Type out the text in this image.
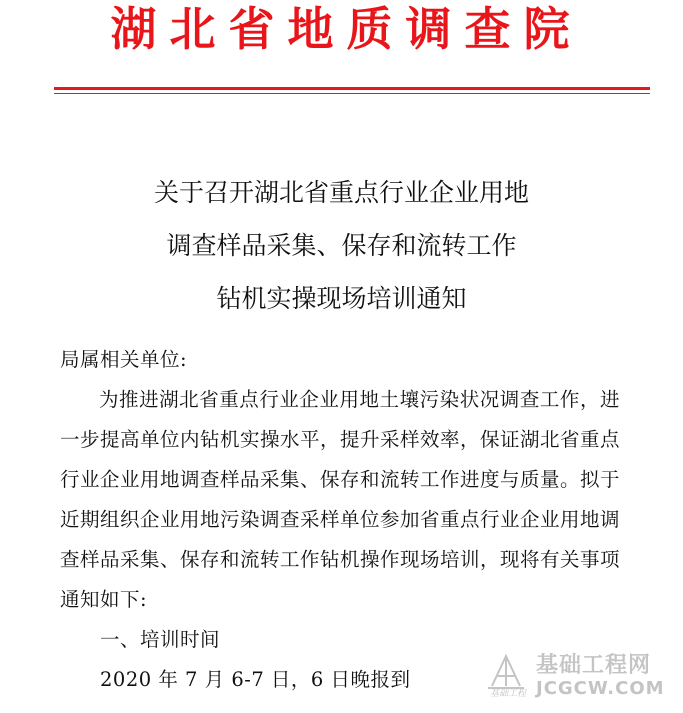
湖北省地质调查院
关于召开湖北省重点行业企业用地
调查样品采集、保存和流转工作
钻机实操现场培训通知

局属相关单位:

为推进湖北省重点行业企业用地土壤污染状况调查工作，进一步提高单位内钻机实操水平，提升采样效率，保证湖北省重点行业企业用地调查样品采集、保存和流转工作进度与质量。拟于近期组织企业用地污染调查采样单位参加省重点行业企业用地调查样品采集、保存和流转工作钻机操作现场培训，现将有关事项通知如下:

一、培训时间

2020 年 7 月 6-7 日，6 日晚报到

基础工程网
基础工程 JCGCW.COM
